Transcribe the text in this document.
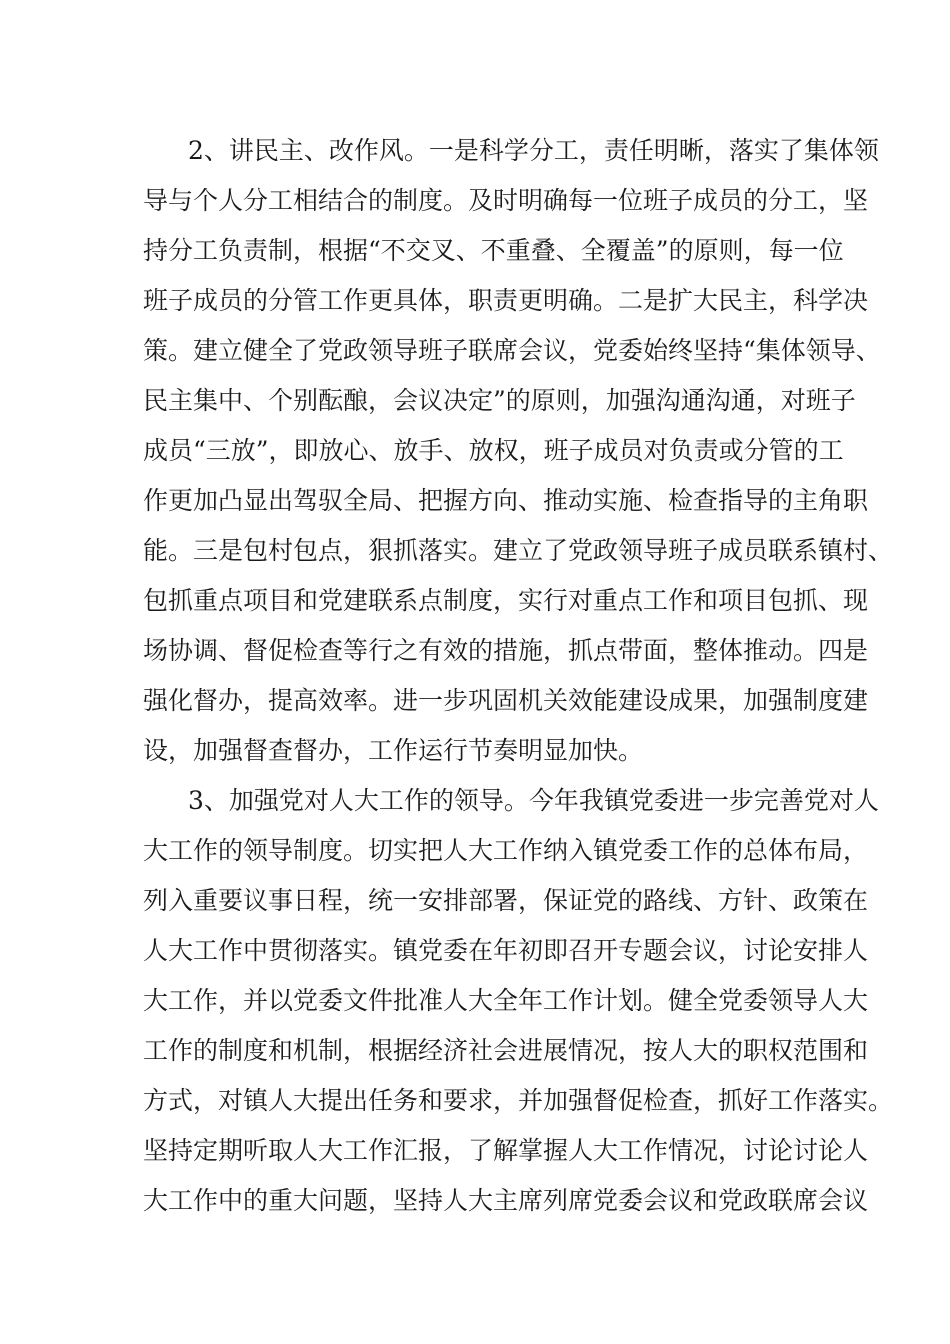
2、讲民主、改作风。一是科学分工，责任明晰，落实了集体领
导与个人分工相结合的制度。及时明确每一位班子成员的分工，坚
持分工负责制，根据“不交叉、不重叠、全覆盖”的原则，每一位
班子成员的分管工作更具体，职责更明确。二是扩大民主，科学决
策。建立健全了党政领导班子联席会议，党委始终坚持“集体领导、
民主集中、个别酝酿，会议决定”的原则，加强沟通沟通，对班子
成员“三放”，即放心、放手、放权，班子成员对负责或分管的工
作更加凸显出驾驭全局、把握方向、推动实施、检查指导的主角职
能。三是包村包点，狠抓落实。建立了党政领导班子成员联系镇村、
包抓重点项目和党建联系点制度，实行对重点工作和项目包抓、现
场协调、督促检查等行之有效的措施，抓点带面，整体推动。四是
强化督办，提高效率。进一步巩固机关效能建设成果，加强制度建
设，加强督查督办，工作运行节奏明显加快。
3、加强党对人大工作的领导。今年我镇党委进一步完善党对人
大工作的领导制度。切实把人大工作纳入镇党委工作的总体布局，
列入重要议事日程，统一安排部署，保证党的路线、方针、政策在
人大工作中贯彻落实。镇党委在年初即召开专题会议，讨论安排人
大工作，并以党委文件批准人大全年工作计划。健全党委领导人大
工作的制度和机制，根据经济社会进展情况，按人大的职权范围和
方式，对镇人大提出任务和要求，并加强督促检查，抓好工作落实。
坚持定期听取人大工作汇报，了解掌握人大工作情况，讨论讨论人
大工作中的重大问题，坚持人大主席列席党委会议和党政联席会议
